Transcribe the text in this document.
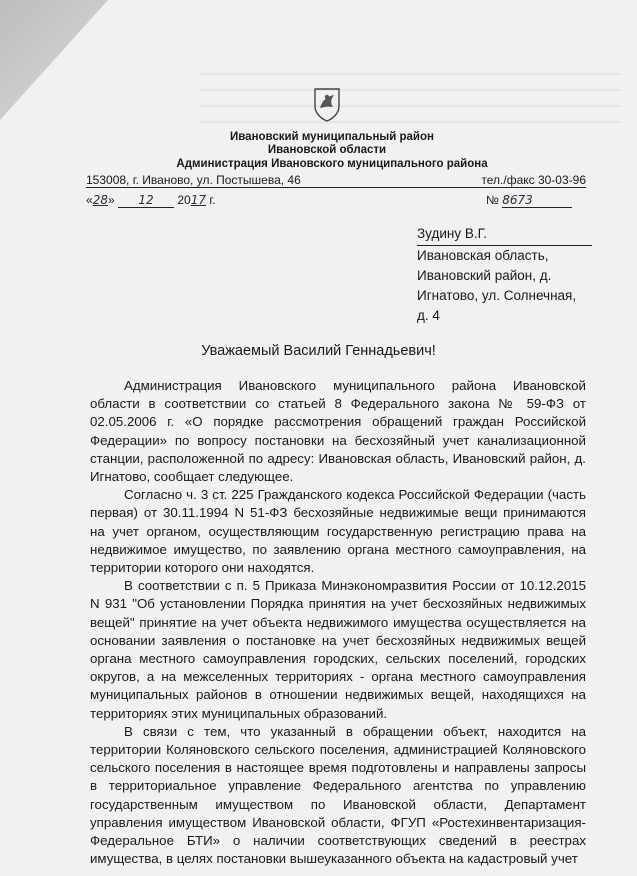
Ивановский муниципальный район
Ивановской области
Администрация Ивановского муниципального района
153008, г. Иваново, ул. Постышева, 46	тел./факс 30-03-96
«28» 12 2017 г.	№ 8673
Зудину В.Г.
Ивановская область,
Ивановский район, д.
Игнатово, ул. Солнечная,
д. 4
Уважаемый Василий Геннадьевич!

Администрация Ивановского муниципального района Ивановской области в соответствии со статьей 8 Федерального закона № 59-ФЗ от 02.05.2006 г. «О порядке рассмотрения обращений граждан Российской Федерации» по вопросу постановки на бесхозяйный учет канализационной станции, расположенной по адресу: Ивановская область, Ивановский район, д. Игнатово, сообщает следующее.

Согласно ч. 3 ст. 225 Гражданского кодекса Российской Федерации (часть первая) от 30.11.1994 N 51-ФЗ бесхозяйные недвижимые вещи принимаются на учет органом, осуществляющим государственную регистрацию права на недвижимое имущество, по заявлению органа местного самоуправления, на территории которого они находятся.

В соответствии с п. 5 Приказа Минэкономразвития России от 10.12.2015 N 931 "Об установлении Порядка принятия на учет бесхозяйных недвижимых вещей" принятие на учет объекта недвижимого имущества осуществляется на основании заявления о постановке на учет бесхозяйных недвижимых вещей органа местного самоуправления городских, сельских поселений, городских округов, а на межселенных территориях - органа местного самоуправления муниципальных районов в отношении недвижимых вещей, находящихся на территориях этих муниципальных образований.

В связи с тем, что указанный в обращении объект, находится на территории Коляновского сельского поселения, администрацией Коляновского сельского поселения в настоящее время подготовлены и направлены запросы в территориальное управление Федерального агентства по управлению государственным имуществом по Ивановской области, Департамент управления имуществом Ивановской области, ФГУП «Ростехинвентаризация-Федеральное БТИ» о наличии соответствующих сведений в реестрах имущества, в целях постановки вышеуказанного объекта на кадастровый учет
